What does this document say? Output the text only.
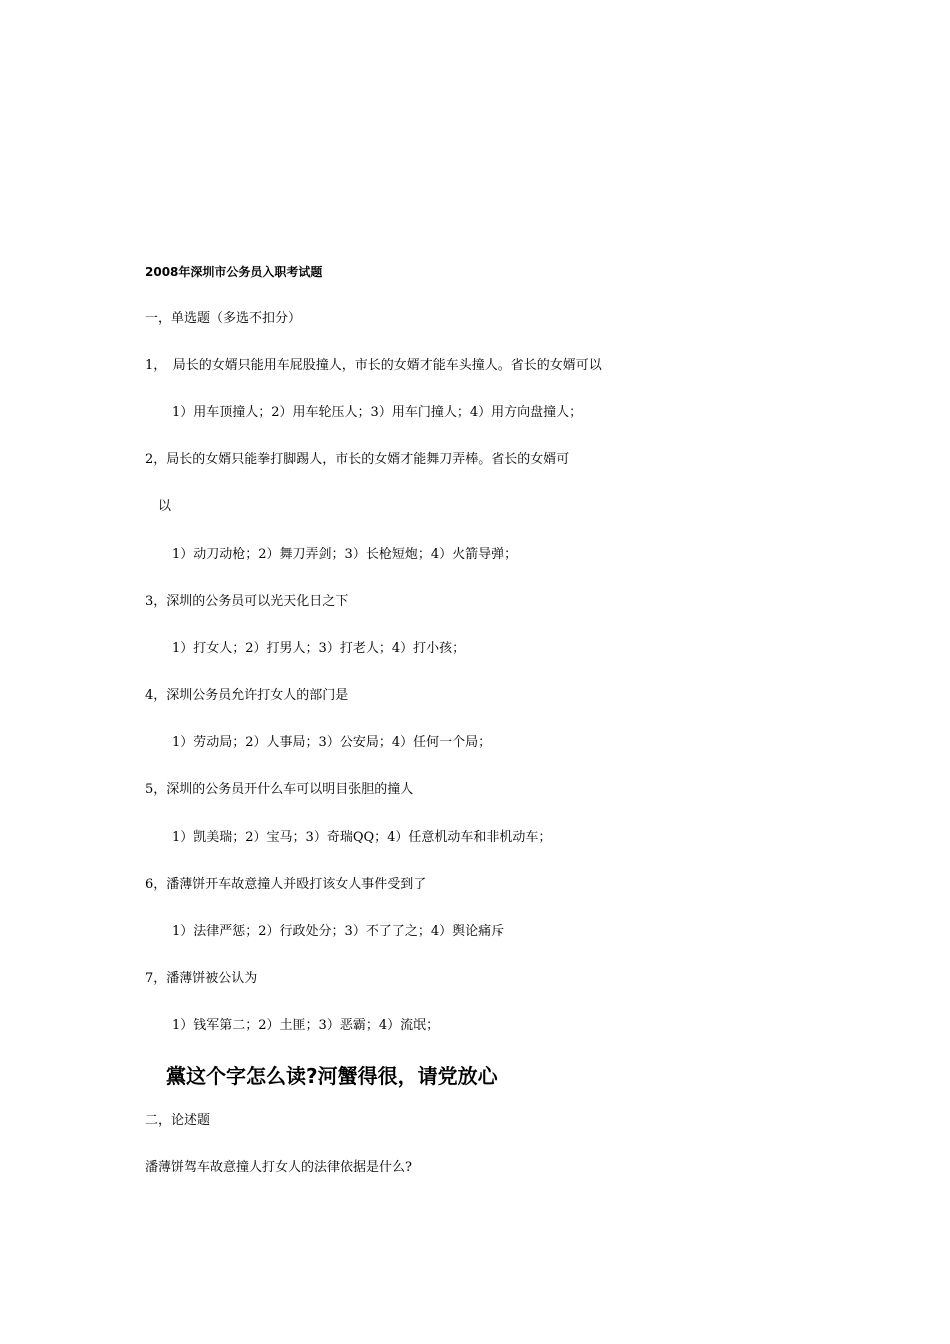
2008年深圳市公务员入职考试题
一，单选题（多选不扣分）
1，　局长的女婿只能用车屁股撞人，市长的女婿才能车头撞人。省长的女婿可以
1）用车顶撞人；2）用车轮压人；3）用车门撞人；4）用方向盘撞人；
2，局长的女婿只能拳打脚踢人，市长的女婿才能舞刀弄棒。省长的女婿可
以
1）动刀动枪；2）舞刀弄剑；3）长枪短炮；4）火箭导弹；
3，深圳的公务员可以光天化日之下
1）打女人；2）打男人；3）打老人；4）打小孩；
4，深圳公务员允许打女人的部门是
1）劳动局；2）人事局；3）公安局；4）任何一个局；
5，深圳的公务员开什么车可以明目张胆的撞人
1）凯美瑞；2）宝马；3）奇瑞QQ；4）任意机动车和非机动车；
6，潘薄饼开车故意撞人并殴打该女人事件受到了
1）法律严惩；2）行政处分；3）不了了之；4）舆论痛斥
7，潘薄饼被公认为
1）钱军第二；2）土匪；3）恶霸；4）流氓；
黨这个字怎么读?河蟹得很，请党放心
二，论述题
潘薄饼驾车故意撞人打女人的法律依据是什么?
